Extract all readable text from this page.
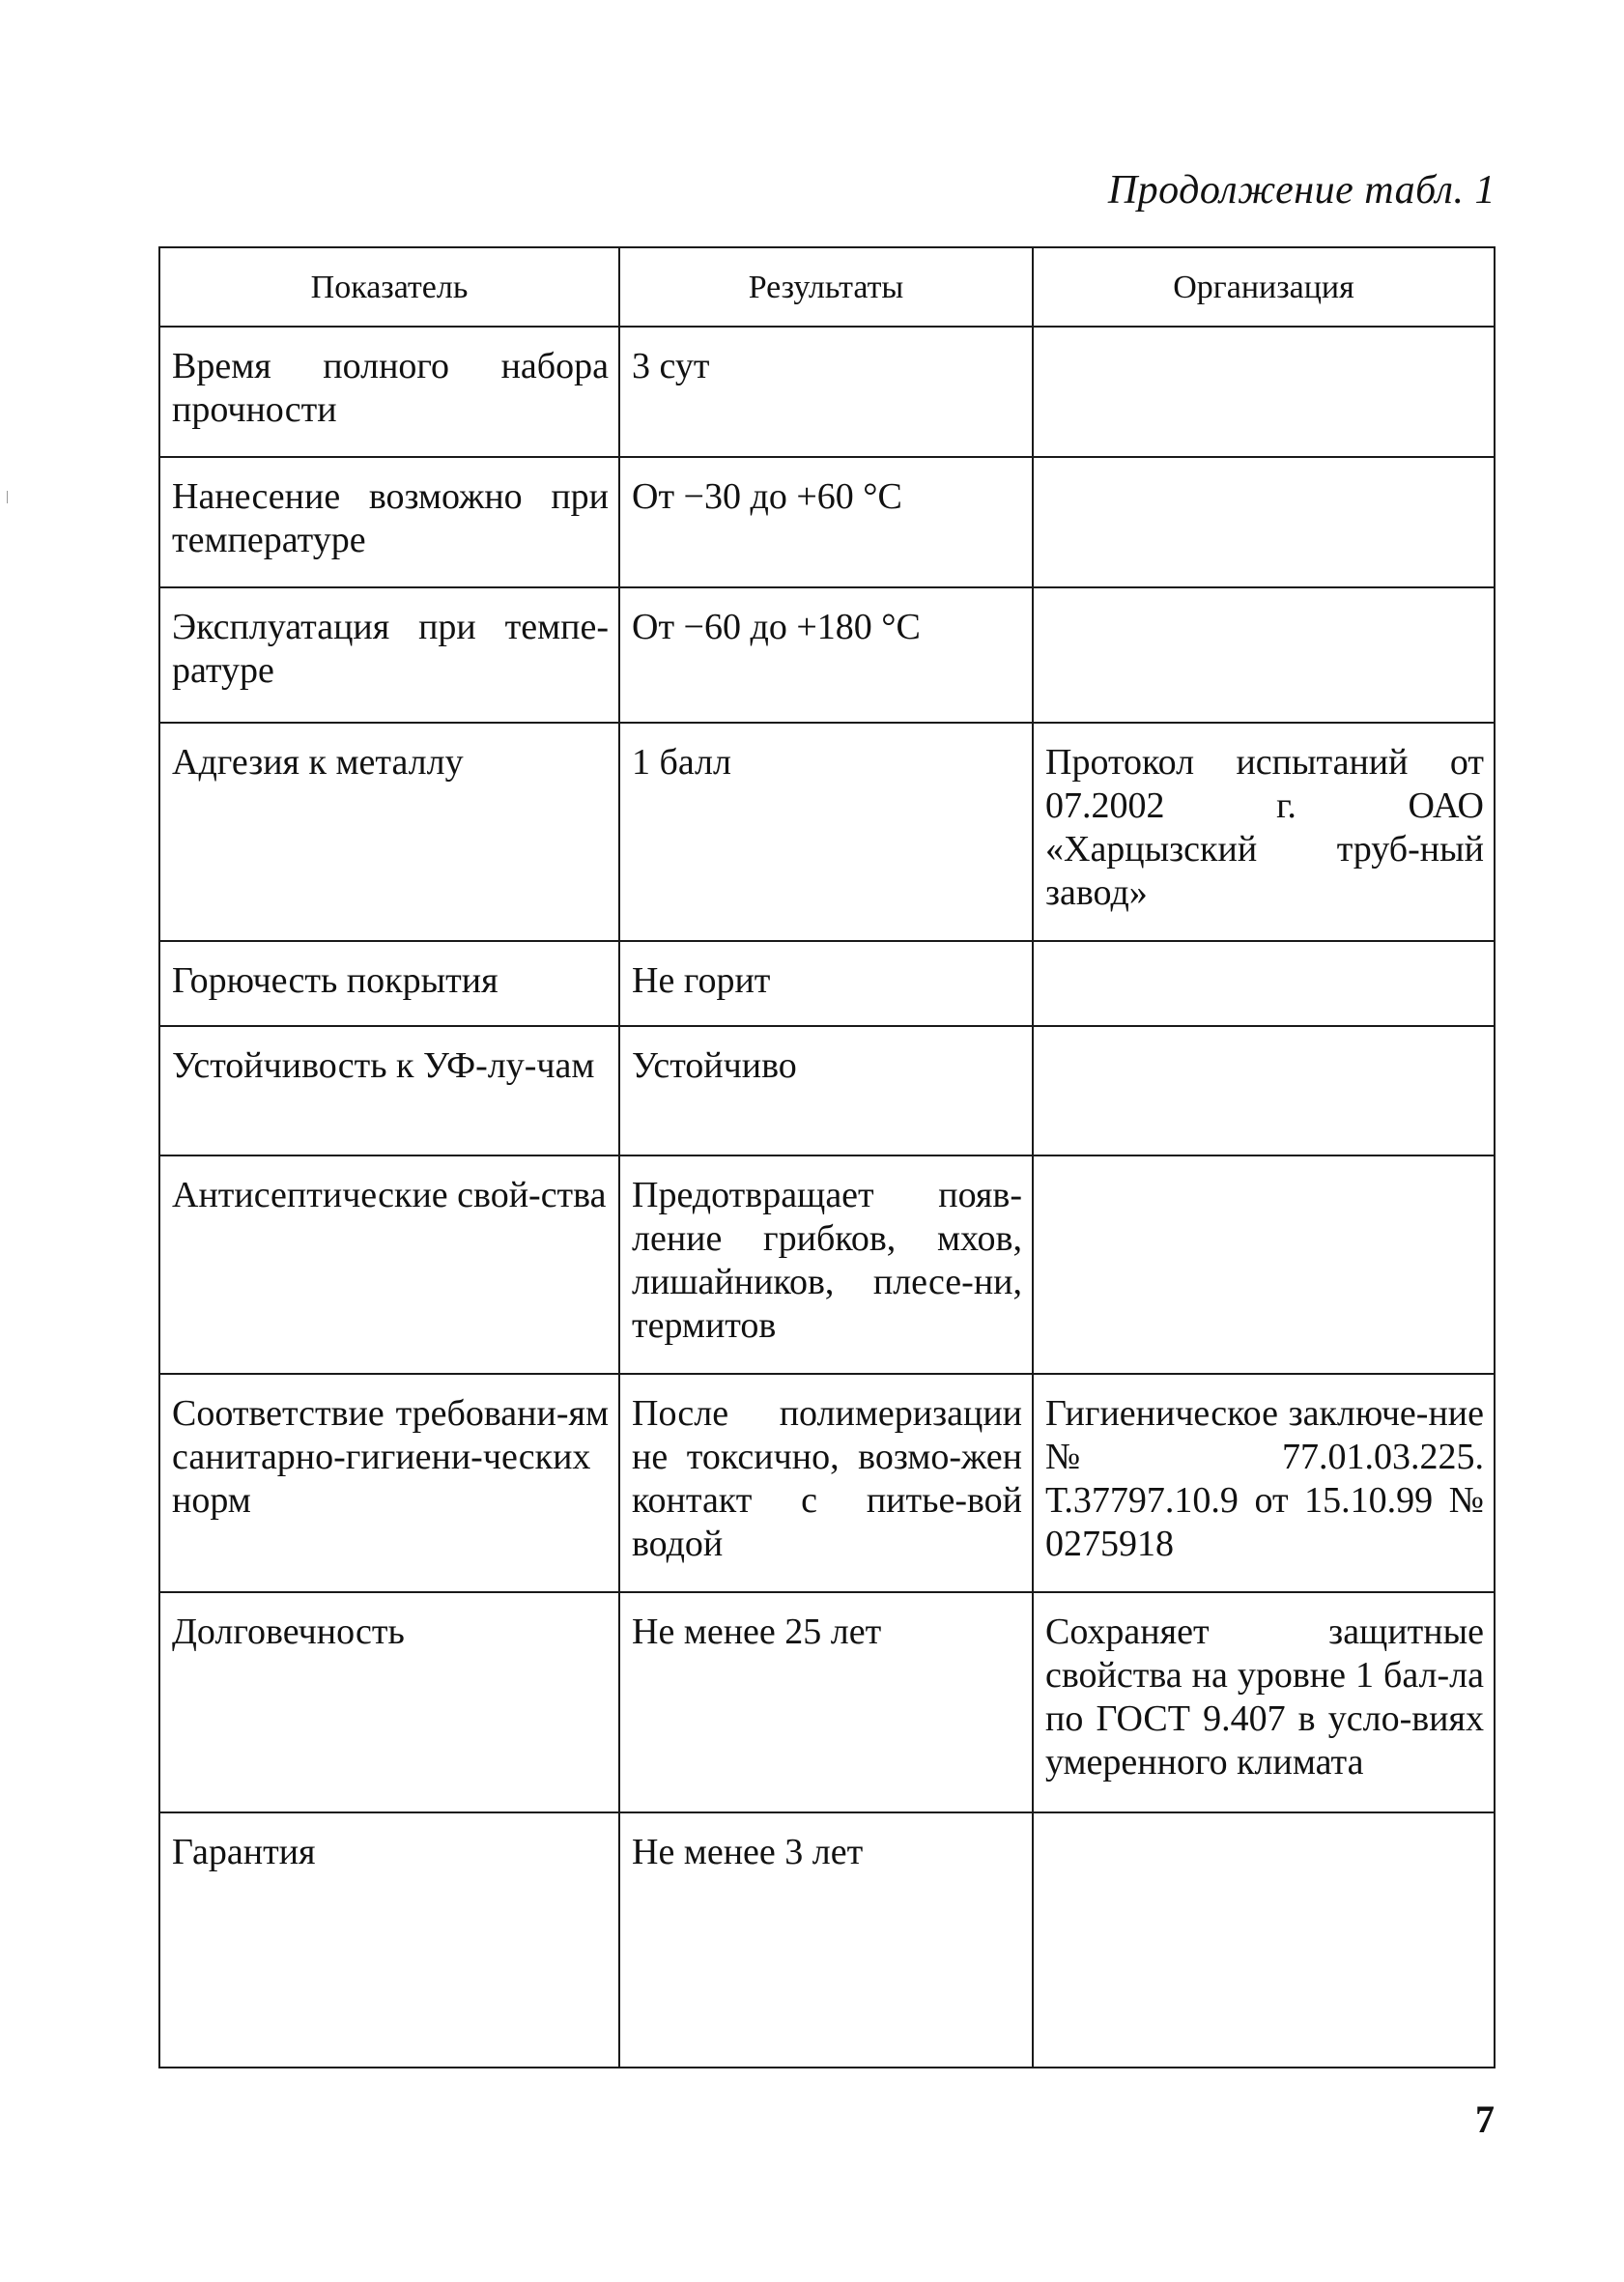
Продолжение табл. 1
Показатель	Результаты	Организация
Время полного набора прочности	3 сут	
Нанесение возможно при температуре	От −30 до +60 °С	
Эксплуатация при темпе-ратуре	От −60 до +180 °С	
Адгезия к металлу	1 балл	Протокол испытаний от 07.2002 г. ОАО «Харцызский труб-ный завод»
Горючесть покрытия	Не горит	
Устойчивость к УФ-лу-чам	Устойчиво	
Антисептические свой-ства	Предотвращает появ-ление грибков, мхов, лишайников, плесе-ни, термитов	
Соответствие требовани-ям санитарно-гигиени-ческих норм	После полимеризации не токсично, возмо-жен контакт с питье-вой водой	Гигиеническое заключе-ние № 77.01.03.225. Т.37797.10.9 от 15.10.99 № 0275918
Долговечность	Не менее 25 лет	Сохраняет защитные свойства на уровне 1 бал-ла по ГОСТ 9.407 в усло-виях умеренного климата
Гарантия	Не менее 3 лет	
7
